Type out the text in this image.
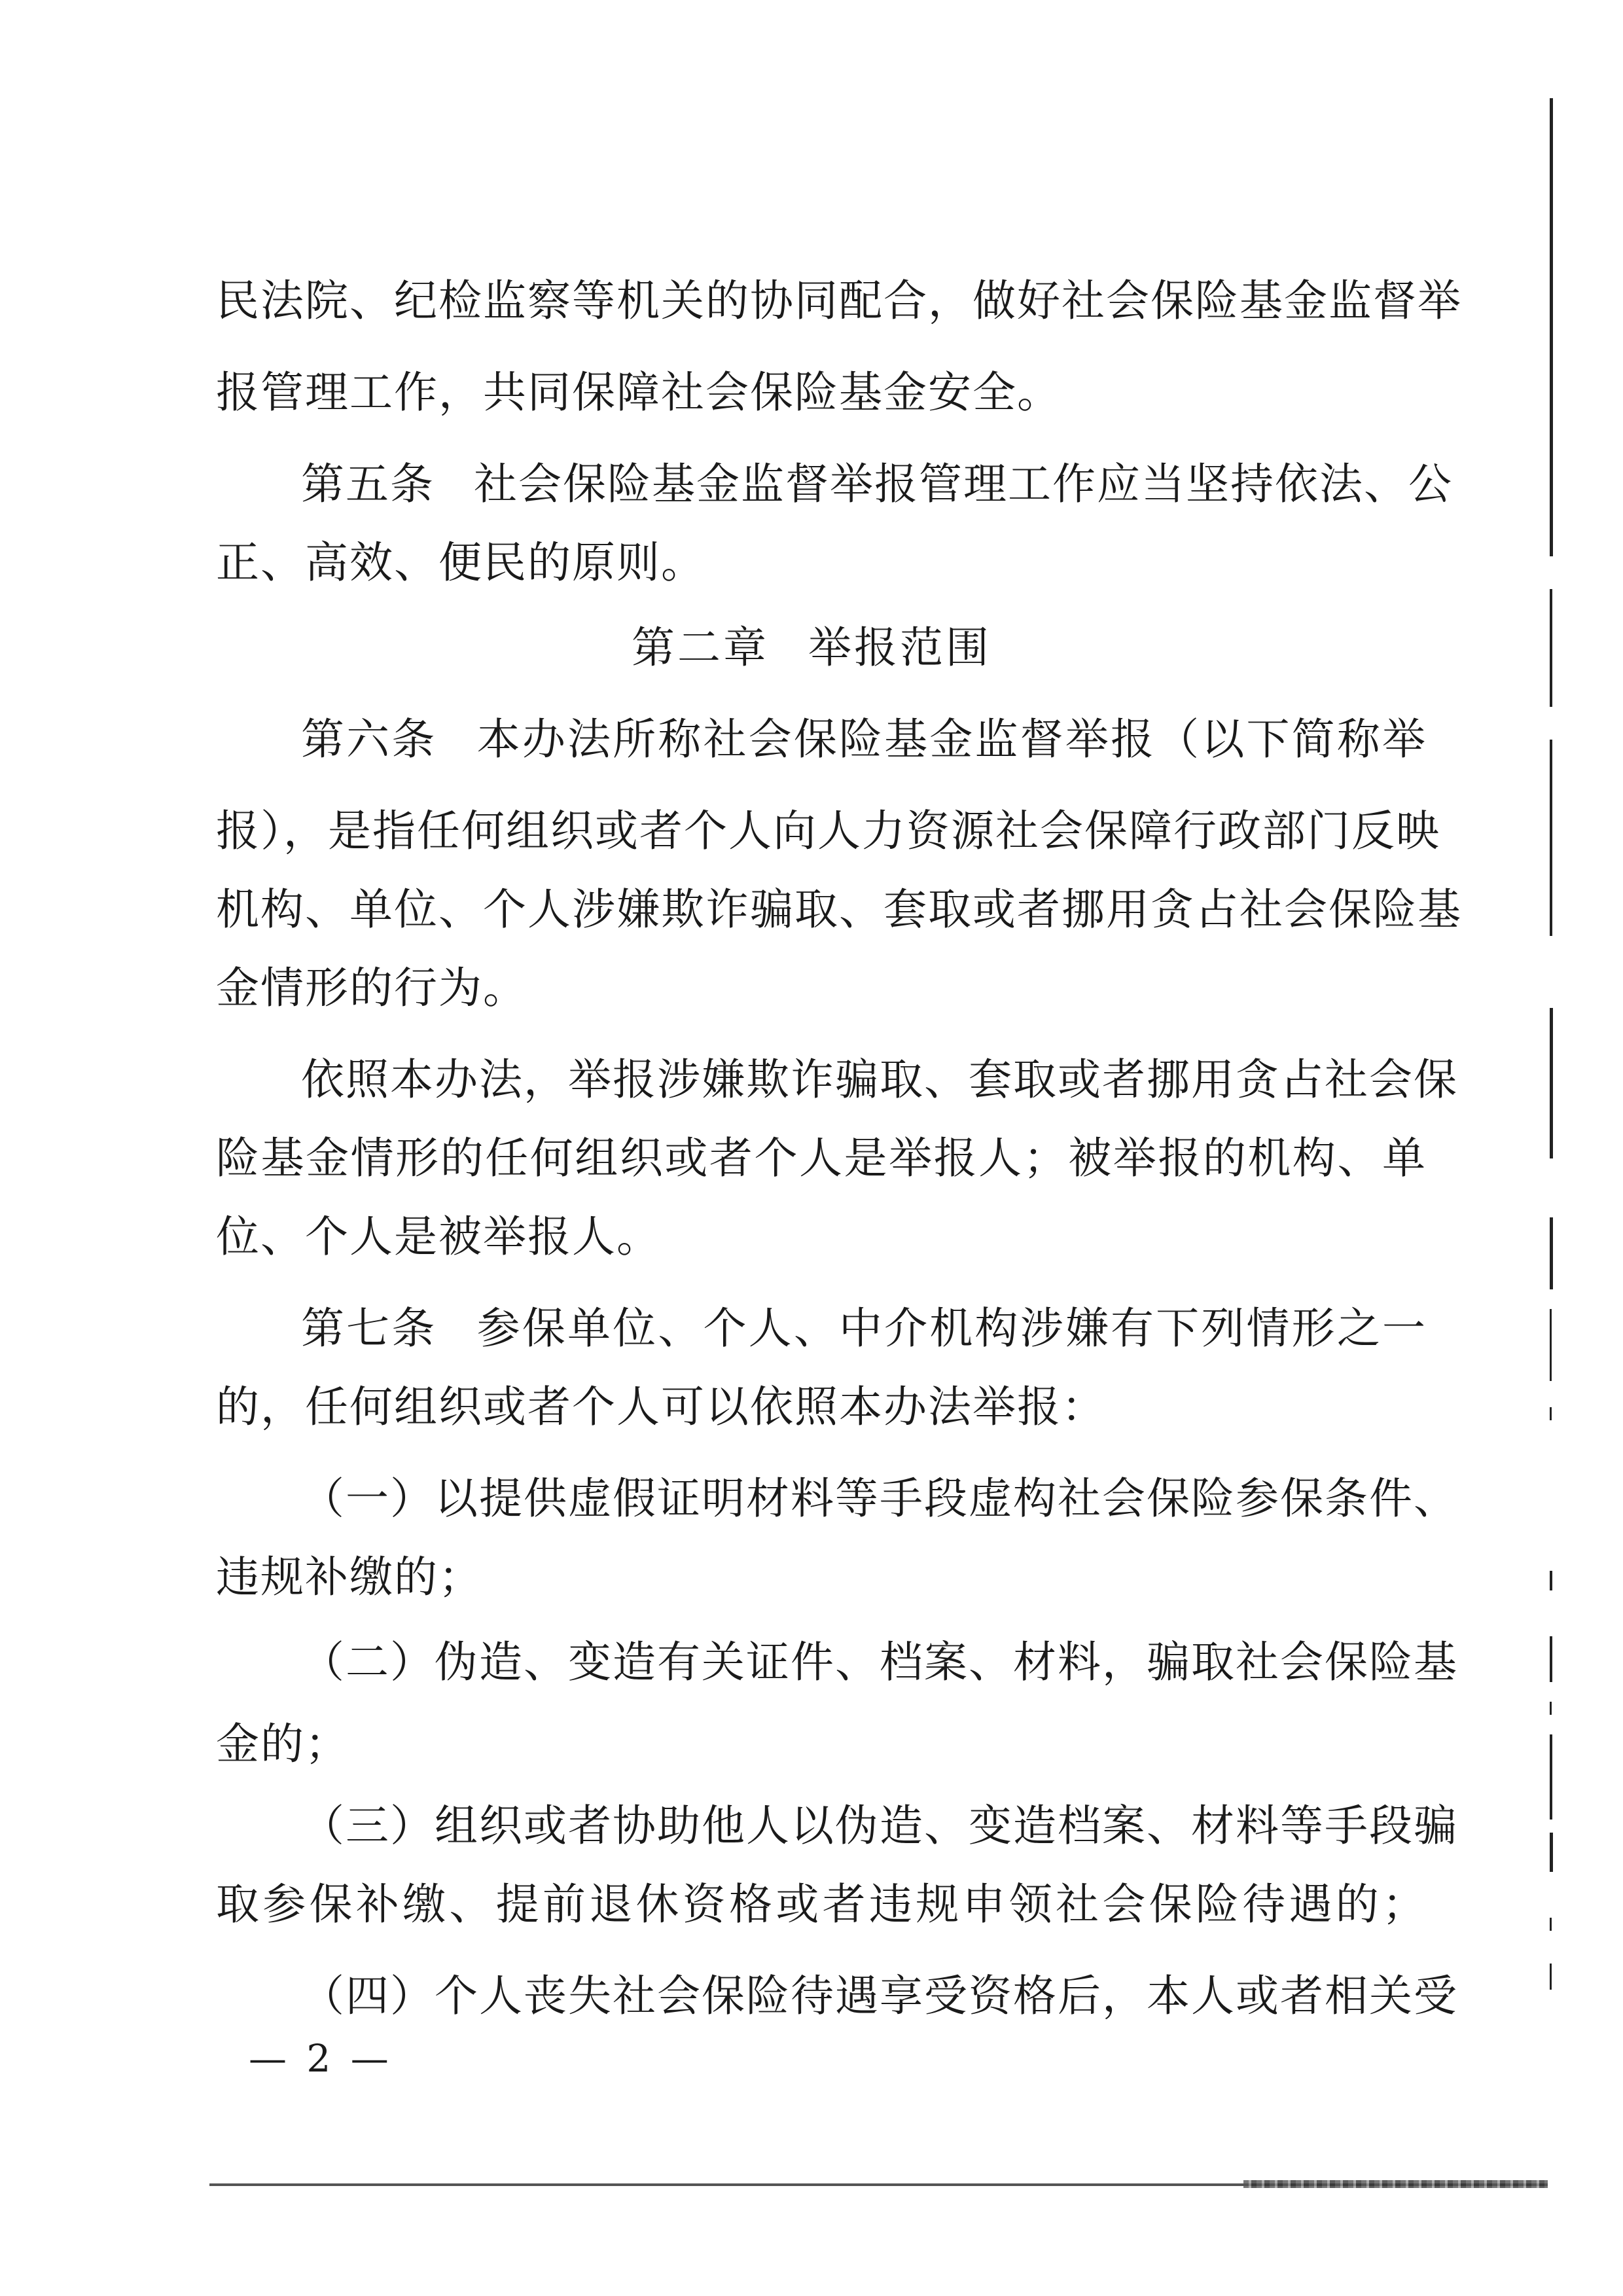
民法院、纪检监察等机关的协同配合，做好社会保险基金监督举
报管理工作，共同保障社会保险基金安全。
第五条 社会保险基金监督举报管理工作应当坚持依法、公
正、高效、便民的原则。
第二章 举报范围
第六条 本办法所称社会保险基金监督举报（以下简称举
报），是指任何组织或者个人向人力资源社会保障行政部门反映
机构、单位、个人涉嫌欺诈骗取、套取或者挪用贪占社会保险基
金情形的行为。
依照本办法，举报涉嫌欺诈骗取、套取或者挪用贪占社会保
险基金情形的任何组织或者个人是举报人；被举报的机构、单
位、个人是被举报人。
第七条 参保单位、个人、中介机构涉嫌有下列情形之一
的，任何组织或者个人可以依照本办法举报：
（一）以提供虚假证明材料等手段虚构社会保险参保条件、
违规补缴的；
（二）伪造、变造有关证件、档案、材料，骗取社会保险基
金的；
（三）组织或者协助他人以伪造、变造档案、材料等手段骗
取参保补缴、提前退休资格或者违规申领社会保险待遇的；
（四）个人丧失社会保险待遇享受资格后，本人或者相关受
— 2 —
